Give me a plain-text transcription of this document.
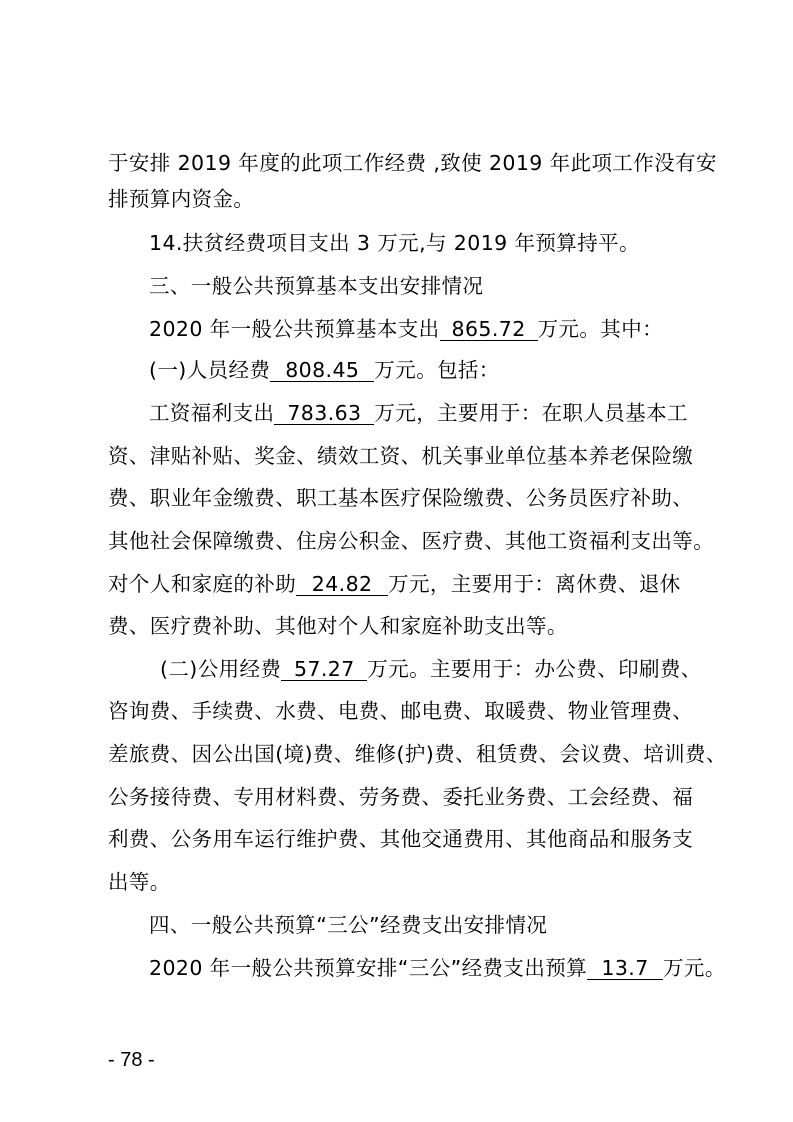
于安排 2019 年度的此项工作经费 ,致使 2019 年此项工作没有安
排预算内资金。
14.扶贫经费项目支出 3 万元,与 2019 年预算持平。
三、一般公共预算基本支出安排情况
2020 年一般公共预算基本支出 865.72 万元。其中：
(一)人员经费 808.45 万元。包括：
工资福利支出 783.63 万元，主要用于：在职人员基本工
资、津贴补贴、奖金、绩效工资、机关事业单位基本养老保险缴
费、职业年金缴费、职工基本医疗保险缴费、公务员医疗补助、
其他社会保障缴费、住房公积金、医疗费、其他工资福利支出等。
对个人和家庭的补助 24.82 万元，主要用于：离休费、退休
费、医疗费补助、其他对个人和家庭补助支出等。
(二)公用经费 57.27 万元。主要用于：办公费、印刷费、
咨询费、手续费、水费、电费、邮电费、取暖费、物业管理费、
差旅费、因公出国(境)费、维修(护)费、租赁费、会议费、培训费、
公务接待费、专用材料费、劳务费、委托业务费、工会经费、福
利费、公务用车运行维护费、其他交通费用、其他商品和服务支
出等。
四、一般公共预算“三公”经费支出安排情况
2020 年一般公共预算安排“三公”经费支出预算 13.7 万元。
- 78 -
